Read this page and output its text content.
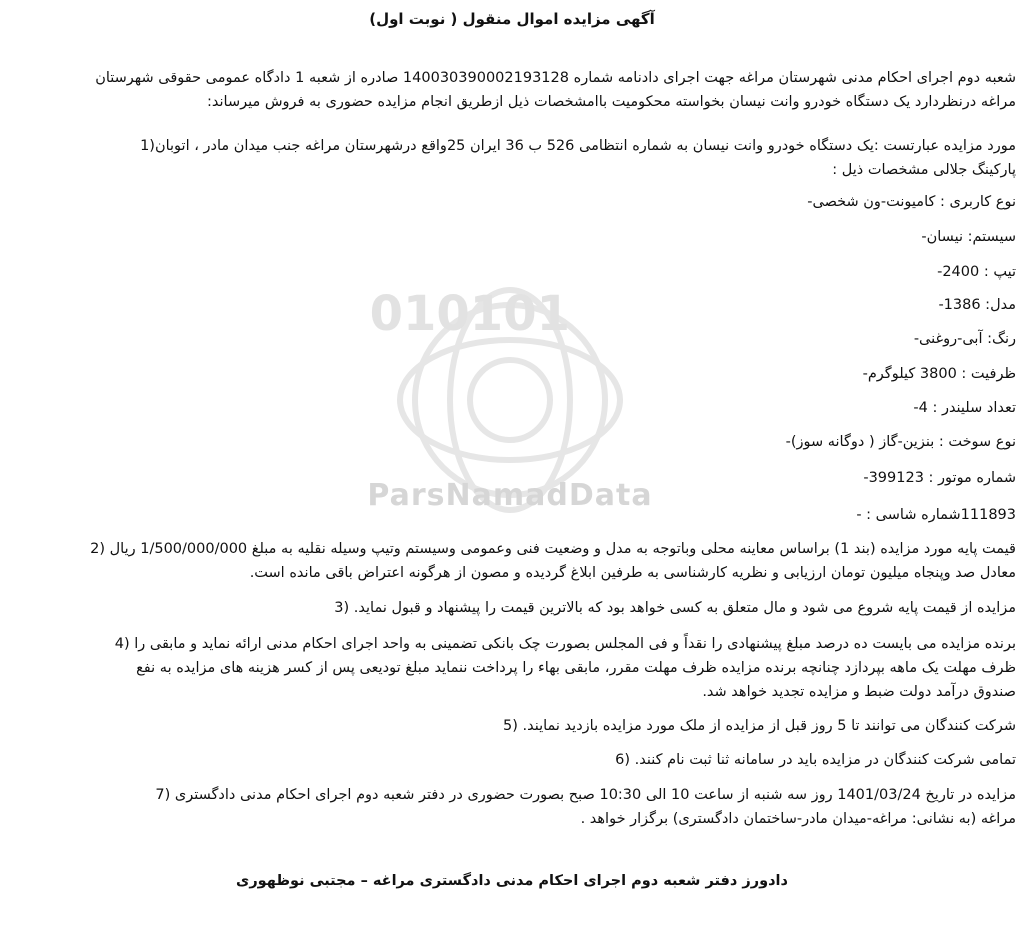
010101
ParsNamadData
آگهی مزایده اموال منقول ( نوبت اول)
شعبه دوم اجرای احکام مدنی شهرستان مراغه جهت اجرای دادنامه شماره 140030390002193128 صادره از شعبه 1 دادگاه عمومی حقوقی شهرستان
مراغه درنظردارد یک دستگاه خودرو وانت نیسان بخواسته محکومیت باامشخصات ذیل ازطریق انجام مزایده حضوری به فروش میرساند:
مورد مزایده عبارتست :یک دستگاه خودرو وانت نیسان به شماره انتظامی 526 ب 36 ایران 25واقع درشهرستان مراغه جنب میدان مادر ، اتوبان(1
پارکینگ جلالی مشخصات ذیل :
نوع کاربری : کامیونت-ون شخصی-
سیستم: نیسان-
تیپ : 2400-
مدل: 1386-
رنگ: آبی-روغنی-
ظرفیت : 3800 کیلوگرم-
تعداد سلیندر : 4-
نوع سوخت : بنزین-گاز ( دوگانه سوز)-
شماره موتور : 399123-
111893شماره شاسی : -
قیمت پایه مورد مزایده (بند 1) براساس معاینه محلی وباتوجه به مدل و وضعیت فنی وعمومی وسیستم وتیپ وسیله نقلیه به مبلغ 1/500/000/000 ریال (2
معادل صد وپنجاه میلیون تومان ارزیابی و نظریه کارشناسی به طرفین ابلاغ گردیده و مصون از هرگونه اعتراض باقی مانده است.
مزایده از قیمت پایه شروع می شود و مال متعلق به کسی خواهد بود که بالاترین قیمت را پیشنهاد و قبول نماید. (3
برنده مزایده می بایست ده درصد مبلغ پیشنهادی را نقداً و فی المجلس بصورت چک بانکی تضمینی به واحد اجرای احکام مدنی ارائه نماید و مابقی را (4
ظرف مهلت یک ماهه بپردازد چنانچه برنده مزایده ظرف مهلت مقرر، مابقی بهاء را پرداخت ننماید مبلغ تودیعی پس از کسر هزینه های مزایده به نفع
صندوق درآمد دولت ضبط و مزایده تجدید خواهد شد.
شرکت کنندگان می توانند تا 5 روز قبل از مزایده از ملک مورد مزایده بازدید نمایند. (5
تمامی شرکت کنندگان در مزایده باید در سامانه ثنا ثبت نام کنند. (6
مزایده در تاریخ 1401/03/24 روز سه شنبه از ساعت 10 الی 10:30 صبح بصورت حضوری در دفتر شعبه دوم اجرای احکام مدنی دادگستری (7
مراغه (به نشانی: مراغه-میدان مادر-ساختمان دادگستری) برگزار خواهد .
دادورز دفتر شعبه دوم اجرای احکام مدنی دادگستری مراغه – مجتبی نوظهوری
